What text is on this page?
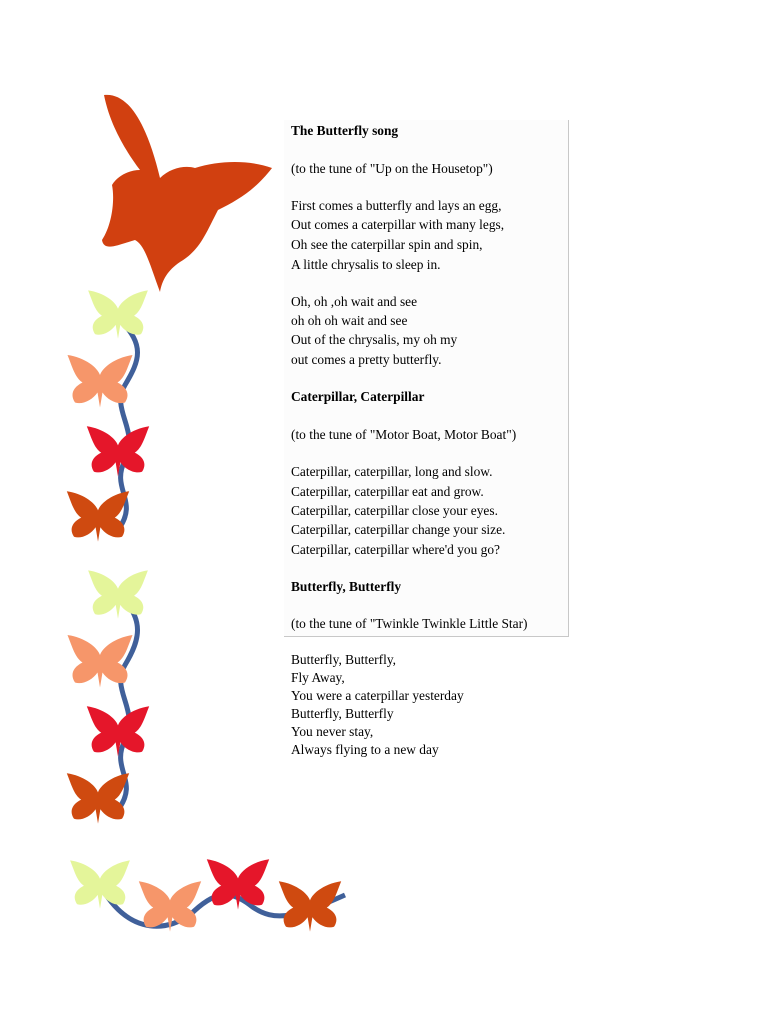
The Butterfly song
(to the tune of "Up on the Housetop")
First comes a butterfly and lays an egg,
Out comes a caterpillar with many legs,
Oh see the caterpillar spin and spin,
A little chrysalis to sleep in.
Oh, oh ,oh wait and see
oh oh oh wait and see
Out of the chrysalis, my oh my
out comes a pretty butterfly.
Caterpillar, Caterpillar
(to the tune of "Motor Boat, Motor Boat")
Caterpillar, caterpillar, long and slow.
Caterpillar, caterpillar eat and grow.
Caterpillar, caterpillar close your eyes.
Caterpillar, caterpillar change your size.
Caterpillar, caterpillar where'd you go?
Butterfly, Butterfly
(to the tune of "Twinkle Twinkle Little Star)
Butterfly, Butterfly,
Fly Away,
You were a caterpillar yesterday
Butterfly, Butterfly
You never stay,
Always flying to a new day
